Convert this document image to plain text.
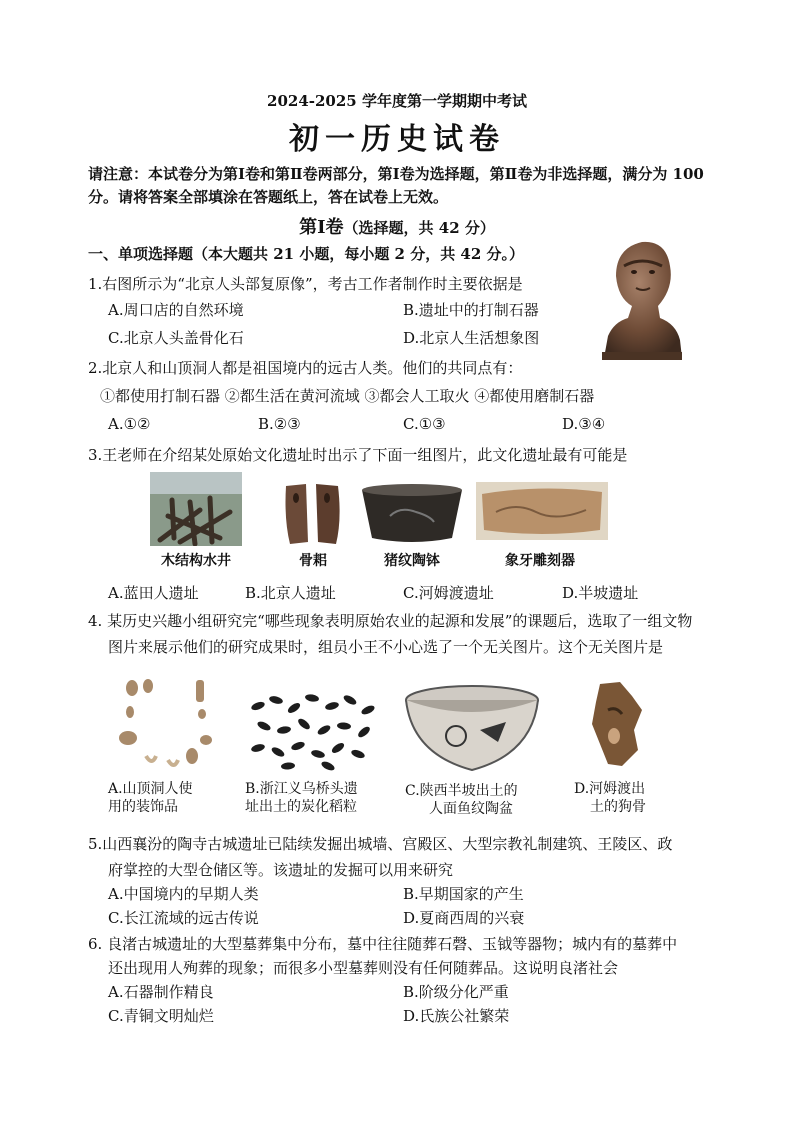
2024-2025 学年度第一学期期中考试
初一历史试卷
请注意：本试卷分为第Ⅰ卷和第Ⅱ卷两部分，第Ⅰ卷为选择题，第Ⅱ卷为非选择题，满分为 100 分。请将答案全部填涂在答题纸上，答在试卷上无效。
第Ⅰ卷（选择题，共 42 分）
一、单项选择题（本大题共 21 小题，每小题 2 分，共 42 分。）
1.右图所示为“北京人头部复原像”，考古工作者制作时主要依据是
A.周口店的自然环境	B.遗址中的打制石器
C.北京人头盖骨化石	D.北京人生活想象图
2.北京人和山顶洞人都是祖国境内的远古人类。他们的共同点有：
①都使用打制石器 ②都生活在黄河流域 ③都会人工取火 ④都使用磨制石器
A.①②	B.②③	C.①③	D.③④
3.王老师在介绍某处原始文化遗址时出示了下面一组图片，此文化遗址最有可能是
木结构水井	骨耜	猪纹陶钵	象牙雕刻器
A.蓝田人遗址	B.北京人遗址	C.河姆渡遗址	D.半坡遗址
4. 某历史兴趣小组研究完“哪些现象表明原始农业的起源和发展”的课题后，选取了一组文物
图片来展示他们的研究成果时，组员小王不小心选了一个无关图片。这个无关图片是
A.山顶洞人使
用的装饰品
B.浙江义乌桥头遗
址出土的炭化稻粒
C.陕西半坡出土的
人面鱼纹陶盆
D.河姆渡出
土的狗骨
5.山西襄汾的陶寺古城遗址已陆续发掘出城墙、宫殿区、大型宗教礼制建筑、王陵区、政
府掌控的大型仓储区等。该遗址的发掘可以用来研究
A.中国境内的早期人类	B.早期国家的产生
C.长江流域的远古传说	D.夏商西周的兴衰
6. 良渚古城遗址的大型墓葬集中分布，墓中往往随葬石磬、玉钺等器物；城内有的墓葬中
还出现用人殉葬的现象；而很多小型墓葬则没有任何随葬品。这说明良渚社会
A.石器制作精良	B.阶级分化严重
C.青铜文明灿烂	D.氏族公社繁荣
